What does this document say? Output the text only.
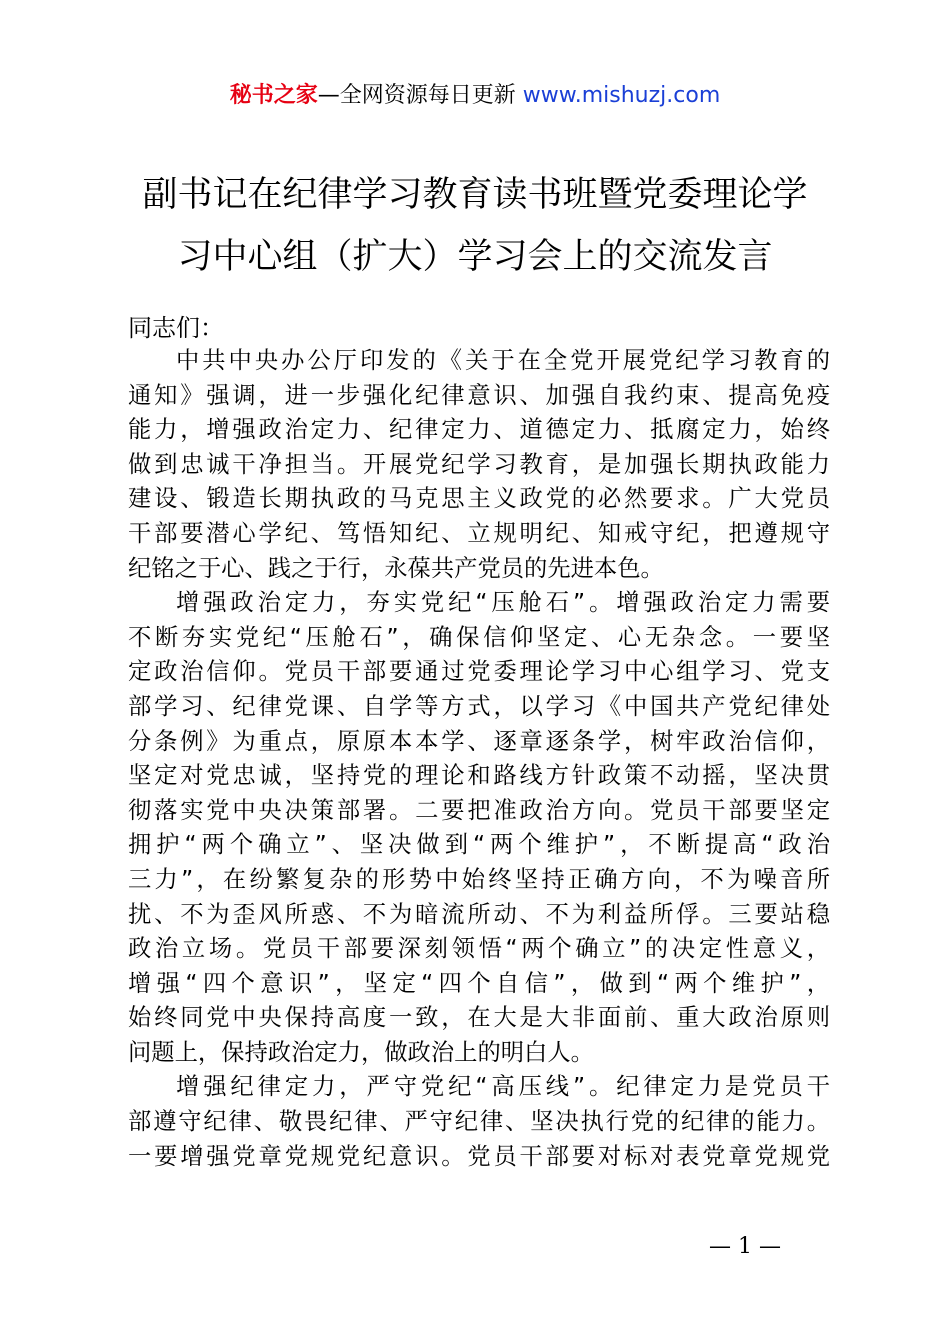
秘书之家—全网资源每日更新 www.mishuzj.com
副书记在纪律学习教育读书班暨党委理论学
习中心组（扩大）学习会上的交流发言
同志们：
中共中央办公厅印发的《关于在全党开展党纪学习教育的
通知》强调，进一步强化纪律意识、加强自我约束、提高免疫
能力，增强政治定力、纪律定力、道德定力、抵腐定力，始终
做到忠诚干净担当。开展党纪学习教育，是加强长期执政能力
建设、锻造长期执政的马克思主义政党的必然要求。广大党员
干部要潜心学纪、笃悟知纪、立规明纪、知戒守纪，把遵规守
纪铭之于心、践之于行，永葆共产党员的先进本色。
增强政治定力，夯实党纪“压舱石”。增强政治定力需要
不断夯实党纪“压舱石”，确保信仰坚定、心无杂念。一要坚
定政治信仰。党员干部要通过党委理论学习中心组学习、党支
部学习、纪律党课、自学等方式，以学习《中国共产党纪律处
分条例》为重点，原原本本学、逐章逐条学，树牢政治信仰，
坚定对党忠诚，坚持党的理论和路线方针政策不动摇，坚决贯
彻落实党中央决策部署。二要把准政治方向。党员干部要坚定
拥护“两个确立”、坚决做到“两个维护”，不断提高“政治
三力”，在纷繁复杂的形势中始终坚持正确方向，不为噪音所
扰、不为歪风所惑、不为暗流所动、不为利益所俘。三要站稳
政治立场。党员干部要深刻领悟“两个确立”的决定性意义，
增强“四个意识”，坚定“四个自信”，做到“两个维护”，
始终同党中央保持高度一致，在大是大非面前、重大政治原则
问题上，保持政治定力，做政治上的明白人。
增强纪律定力，严守党纪“高压线”。纪律定力是党员干
部遵守纪律、敬畏纪律、严守纪律、坚决执行党的纪律的能力。
一要增强党章党规党纪意识。党员干部要对标对表党章党规党
— 1 —
